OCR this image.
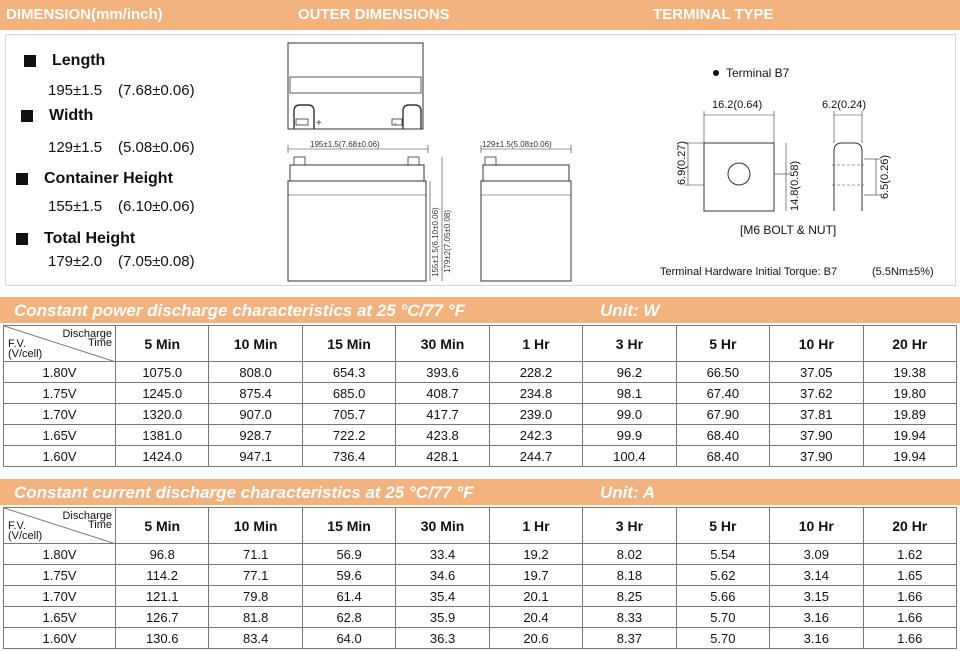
DIMENSION(mm/inch)	OUTER DIMENSIONS	TERMINAL TYPE
Length
195±1.5 (7.68±0.06)
Width
129±1.5 (5.08±0.06)
Container Height
155±1.5 (6.10±0.06)
Total Height
179±2.0 (7.05±0.08)
+	-
195±1.5(7.68±0.06)
155±1.5(6.10±0.06) 179±2(7.05±0.08)
129±1.5(5.08±0.06)
Terminal B7
16.2(0.64)
6.9(0.27)	14.8(0.58)
6.2(0.24)
6.5(0.26)
[M6 BOLT & NUT]
Terminal Hardware Initial Torque: B7	(5.5Nm±5%)
Constant power discharge characteristics at 25 °C/77 °F	Unit: W
Discharge
Time
F.V.
(V/cell)	5 Min	10 Min	15 Min	30 Min	1 Hr	3 Hr	5 Hr	10 Hr	20 Hr
1.80V	1075.0	808.0	654.3	393.6	228.2	96.2	66.50	37.05	19.38
1.75V	1245.0	875.4	685.0	408.7	234.8	98.1	67.40	37.62	19.80
1.70V	1320.0	907.0	705.7	417.7	239.0	99.0	67.90	37.81	19.89
1.65V	1381.0	928.7	722.2	423.8	242.3	99.9	68.40	37.90	19.94
1.60V	1424.0	947.1	736.4	428.1	244.7	100.4	68.40	37.90	19.94
Constant current discharge characteristics at 25 °C/77 °F	Unit: A
Discharge
Time
F.V.
(V/cell)	5 Min	10 Min	15 Min	30 Min	1 Hr	3 Hr	5 Hr	10 Hr	20 Hr
1.80V	96.8	71.1	56.9	33.4	19.2	8.02	5.54	3.09	1.62
1.75V	114.2	77.1	59.6	34.6	19.7	8.18	5.62	3.14	1.65
1.70V	121.1	79.8	61.4	35.4	20.1	8.25	5.66	3.15	1.66
1.65V	126.7	81.8	62.8	35.9	20.4	8.33	5.70	3.16	1.66
1.60V	130.6	83.4	64.0	36.3	20.6	8.37	5.70	3.16	1.66
